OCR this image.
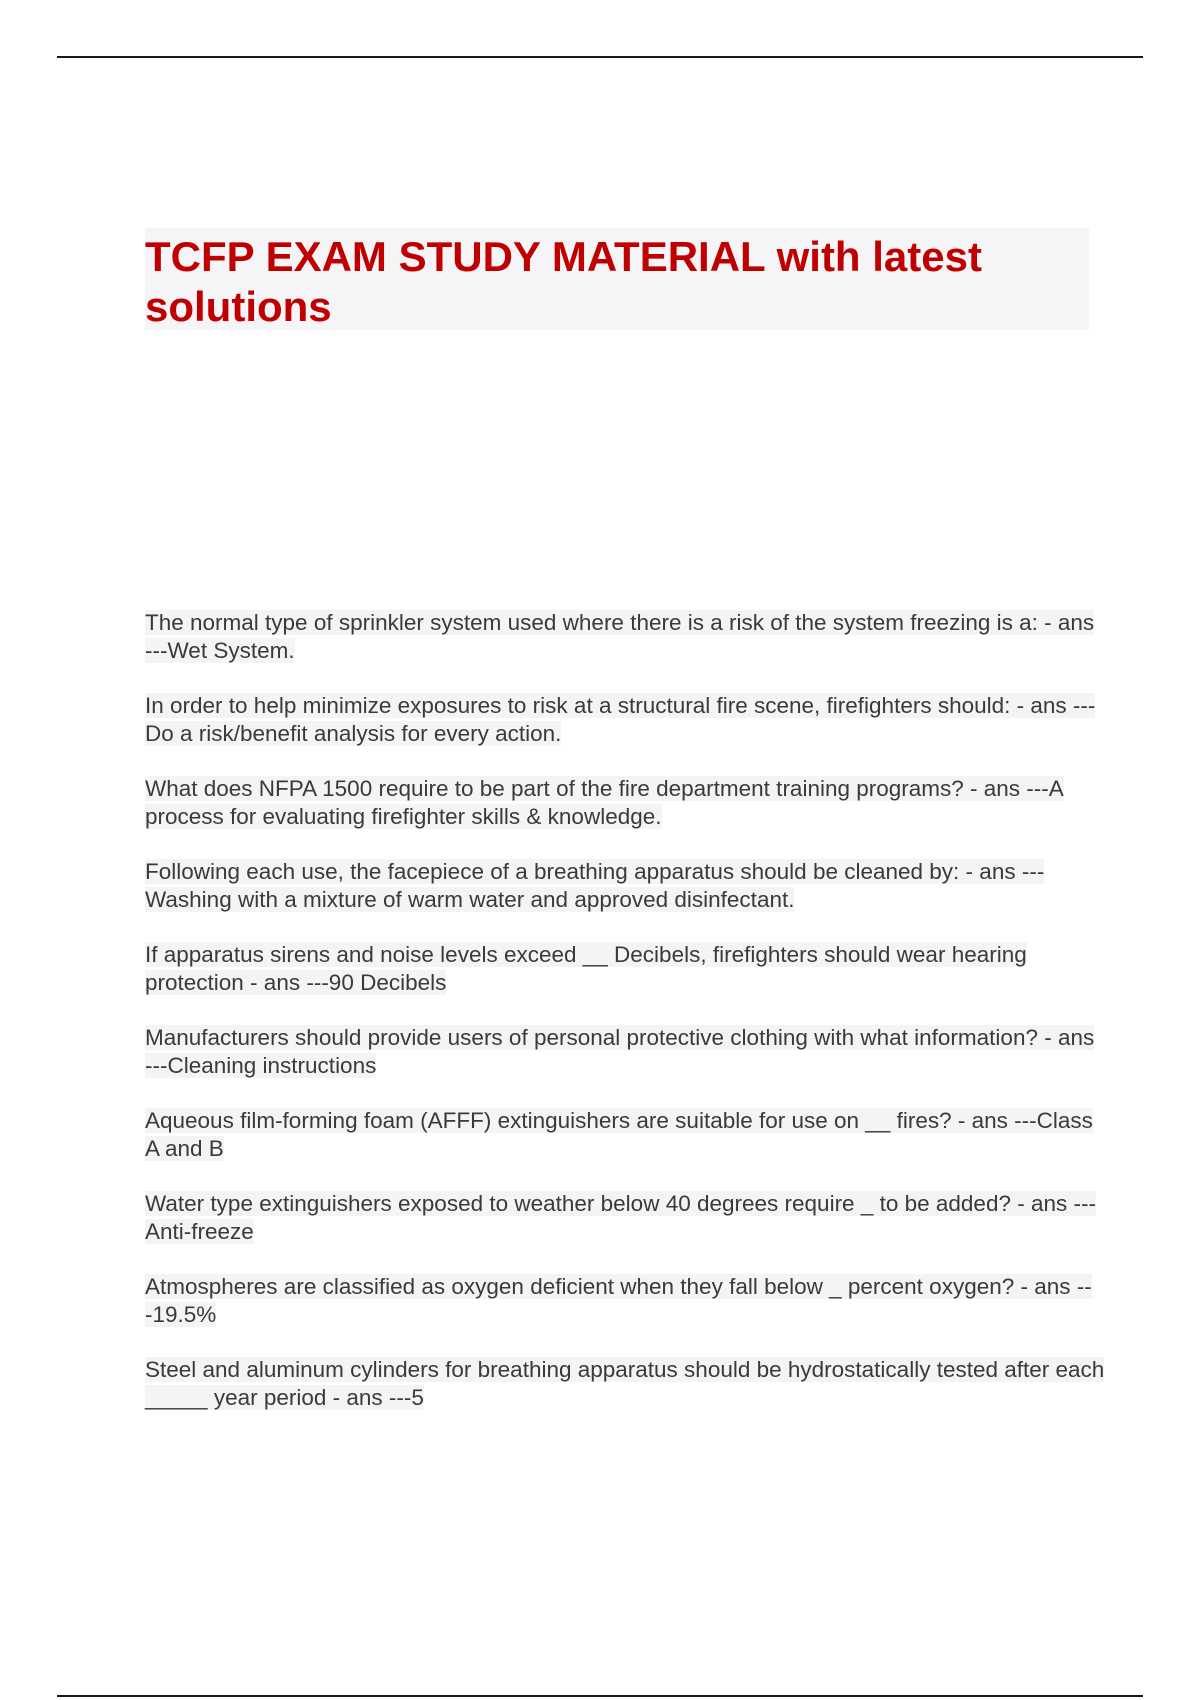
TCFP EXAM STUDY MATERIAL with latest solutions
The normal type of sprinkler system used where there is a risk of the system freezing is a: - ans ---Wet System.
In order to help minimize exposures to risk at a structural fire scene, firefighters should: - ans ---Do a risk/benefit analysis for every action.
What does NFPA 1500 require to be part of the fire department training programs? - ans ---A process for evaluating firefighter skills & knowledge.
Following each use, the facepiece of a breathing apparatus should be cleaned by: - ans ---Washing with a mixture of warm water and approved disinfectant.
If apparatus sirens and noise levels exceed __ Decibels, firefighters should wear hearing protection - ans ---90 Decibels
Manufacturers should provide users of personal protective clothing with what information? - ans ---Cleaning instructions
Aqueous film-forming foam (AFFF) extinguishers are suitable for use on __ fires? - ans ---Class A and B
Water type extinguishers exposed to weather below 40 degrees require _ to be added? - ans ---Anti-freeze
Atmospheres are classified as oxygen deficient when they fall below _ percent oxygen? - ans ---19.5%
Steel and aluminum cylinders for breathing apparatus should be hydrostatically tested after each _____ year period - ans ---5
